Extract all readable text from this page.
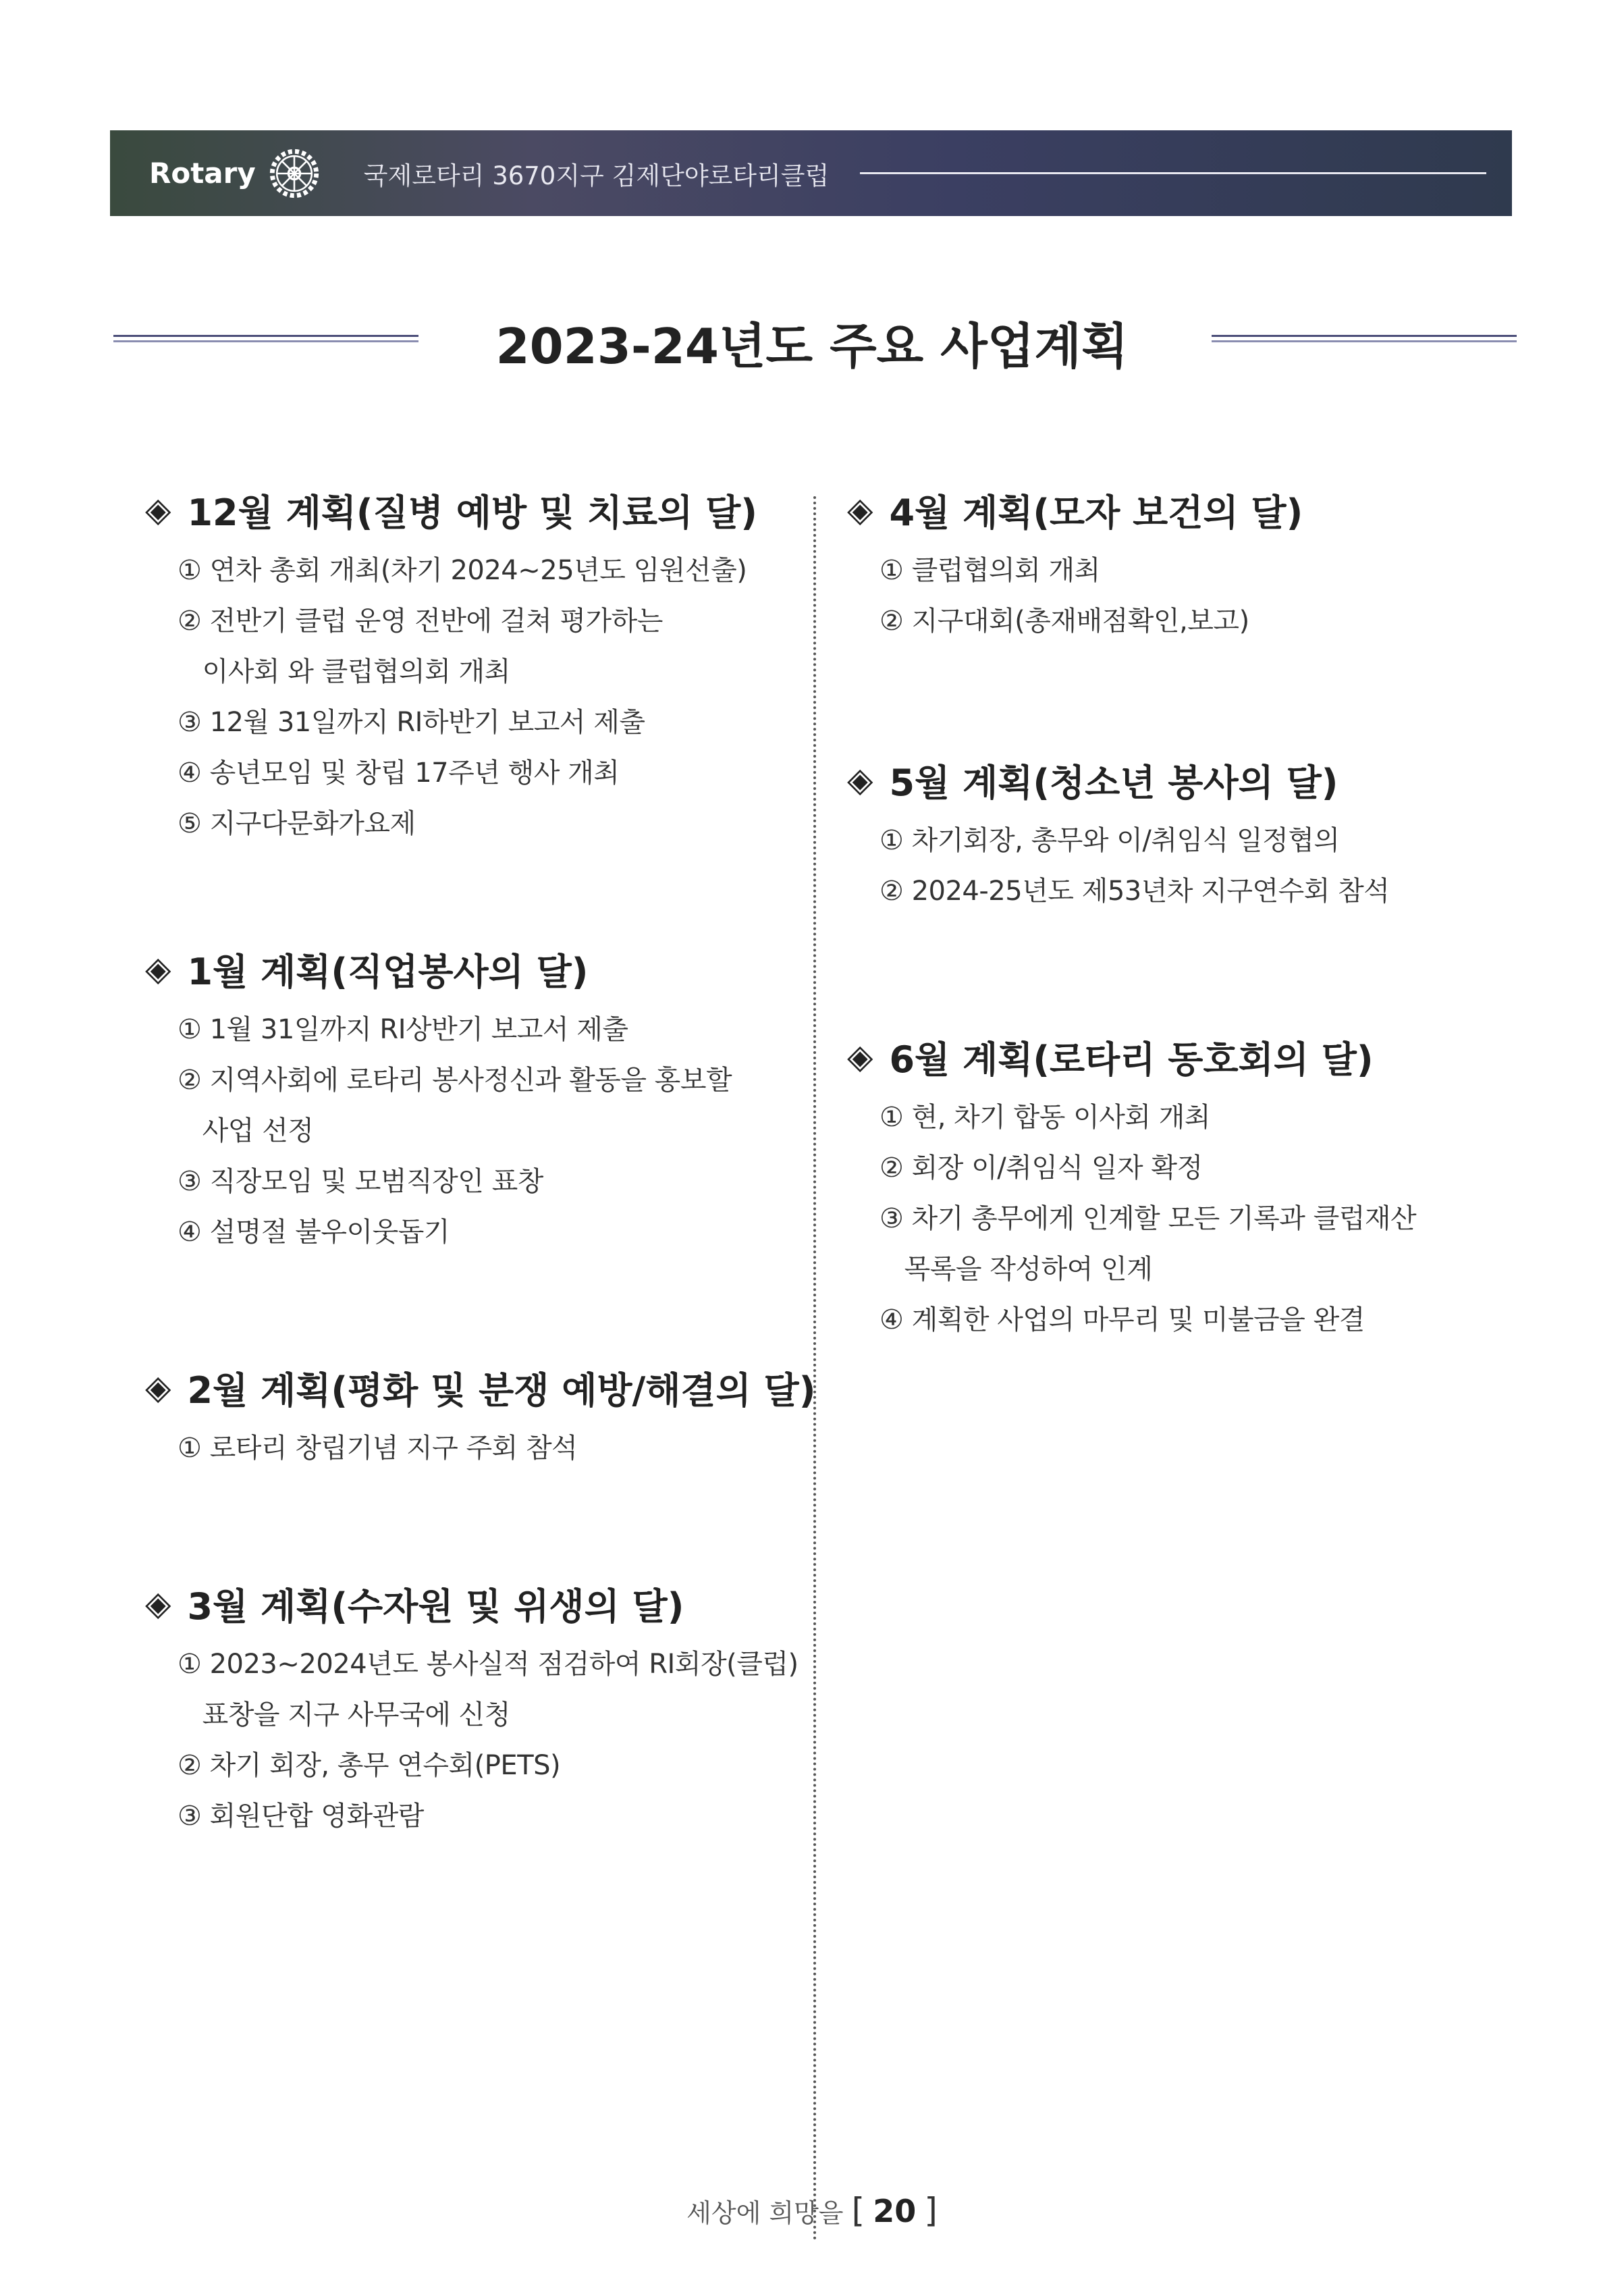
Rotary	국제로타리 3670지구 김제단야로타리클럽
2023-24년도 주요 사업계획
◈ 12월 계획(질병 예방 및 치료의 달)
① 연차 총회 개최(차기 2024~25년도 임원선출)
② 전반기 클럽 운영 전반에 걸쳐 평가하는
이사회 와 클럽협의회 개최
③ 12월 31일까지 RI하반기 보고서 제출
④ 송년모임 및 창립 17주년 행사 개최
⑤ 지구다문화가요제
◈ 1월 계획(직업봉사의 달)
① 1월 31일까지 RI상반기 보고서 제출
② 지역사회에 로타리 봉사정신과 활동을 홍보할
사업 선정
③ 직장모임 및 모범직장인 표창
④ 설명절 불우이웃돕기
◈ 2월 계획(평화 및 분쟁 예방/해결의 달)
① 로타리 창립기념 지구 주회 참석
◈ 3월 계획(수자원 및 위생의 달)
① 2023~2024년도 봉사실적 점검하여 RI회장(클럽)
표창을 지구 사무국에 신청
② 차기 회장, 총무 연수회(PETS)
③ 회원단합 영화관람
◈ 4월 계획(모자 보건의 달)
① 클럽협의회 개최
② 지구대회(총재배점확인,보고)
◈ 5월 계획(청소년 봉사의 달)
① 차기회장, 총무와 이/취임식 일정협의
② 2024-25년도 제53년차 지구연수회 참석
◈ 6월 계획(로타리 동호회의 달)
① 현, 차기 합동 이사회 개최
② 회장 이/취임식 일자 확정
③ 차기 총무에게 인계할 모든 기록과 클럽재산
목록을 작성하여 인계
④ 계획한 사업의 마무리 및 미불금을 완결
세상에 희망을 [ 20 ]
